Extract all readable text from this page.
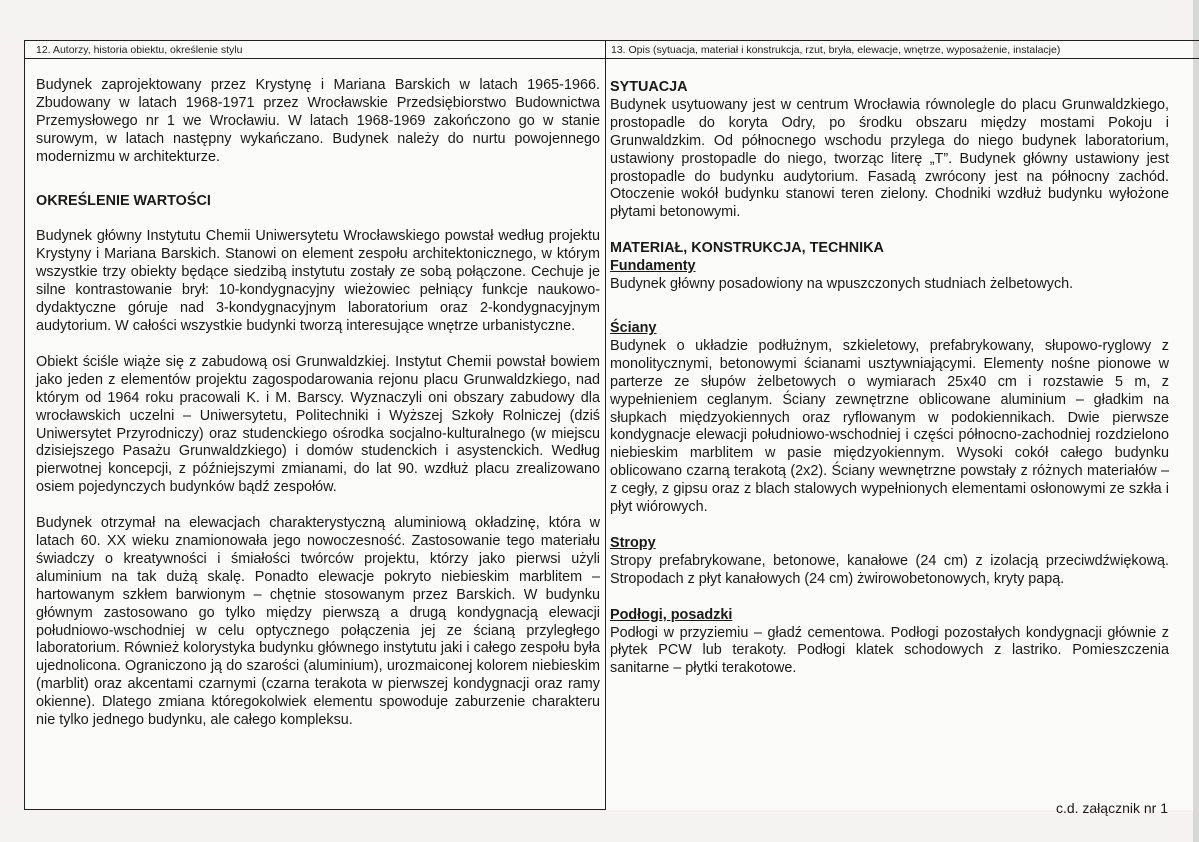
12. Autorzy, historia obiektu, określenie stylu	13. Opis (sytuacja, materiał i konstrukcja, rzut, bryła, elewacje, wnętrze, wyposażenie, instalacje)

Budynek zaprojektowany przez Krystynę i Mariana Barskich w latach 1965-1966. Zbudowany w latach 1968-1971 przez Wrocławskie Przedsiębiorstwo Budownictwa Przemysłowego nr 1 we Wrocławiu. W latach 1968-1969 zakończono go w stanie surowym, w latach następny wykańczano. Budynek należy do nurtu powojennego modernizmu w architekturze.

OKREŚLENIE WARTOŚCI

Budynek główny Instytutu Chemii Uniwersytetu Wrocławskiego powstał według projektu Krystyny i Mariana Barskich. Stanowi on element zespołu architektonicznego, w którym wszystkie trzy obiekty będące siedzibą instytutu zostały ze sobą połączone. Cechuje je silne kontrastowanie brył: 10-kondygnacyjny wieżowiec pełniący funkcje naukowo-dydaktyczne góruje nad 3-kondygnacyjnym laboratorium oraz 2-kondygnacyjnym audytorium. W całości wszystkie budynki tworzą interesujące wnętrze urbanistyczne.

Obiekt ściśle wiąże się z zabudową osi Grunwaldzkiej. Instytut Chemii powstał bowiem jako jeden z elementów projektu zagospodarowania rejonu placu Grunwaldzkiego, nad którym od 1964 roku pracowali K. i M. Barscy. Wyznaczyli oni obszary zabudowy dla wrocławskich uczelni – Uniwersytetu, Politechniki i Wyższej Szkoły Rolniczej (dziś Uniwersytet Przyrodniczy) oraz studenckiego ośrodka socjalno-kulturalnego (w miejscu dzisiejszego Pasażu Grunwaldzkiego) i domów studenckich i asystenckich. Według pierwotnej koncepcji, z późniejszymi zmianami, do lat 90. wzdłuż placu zrealizowano osiem pojedynczych budynków bądź zespołów.

Budynek otrzymał na elewacjach charakterystyczną aluminiową okładzinę, która w latach 60. XX wieku znamionowała jego nowoczesność. Zastosowanie tego materiału świadczy o kreatywności i śmiałości twórców projektu, którzy jako pierwsi użyli aluminium na tak dużą skalę. Ponadto elewacje pokryto niebieskim marblitem – hartowanym szkłem barwionym – chętnie stosowanym przez Barskich. W budynku głównym zastosowano go tylko między pierwszą a drugą kondygnacją elewacji południowo-wschodniej w celu optycznego połączenia jej ze ścianą przyległego laboratorium. Również kolorystyka budynku głównego instytutu jaki i całego zespołu była ujednolicona. Ograniczono ją do szarości (aluminium), urozmaiconej kolorem niebieskim (marblit) oraz akcentami czarnymi (czarna terakota w pierwszej kondygnacji oraz ramy okienne). Dlatego zmiana któregokolwiek elementu spowoduje zaburzenie charakteru nie tylko jednego budynku, ale całego kompleksu.

SYTUACJA

Budynek usytuowany jest w centrum Wrocławia równolegle do placu Grunwaldzkiego, prostopadle do koryta Odry, po środku obszaru między mostami Pokoju i Grunwaldzkim. Od północnego wschodu przylega do niego budynek laboratorium, ustawiony prostopadle do niego, tworząc literę „T”. Budynek główny ustawiony jest prostopadle do budynku audytorium. Fasadą zwrócony jest na północny zachód. Otoczenie wokół budynku stanowi teren zielony. Chodniki wzdłuż budynku wyłożone płytami betonowymi.

MATERIAŁ, KONSTRUKCJA, TECHNIKA
Fundamenty

Budynek główny posadowiony na wpuszczonych studniach żelbetowych.

Ściany

Budynek o układzie podłużnym, szkieletowy, prefabrykowany, słupowo-ryglowy z monolitycznymi, betonowymi ścianami usztywniającymi. Elementy nośne pionowe w parterze ze słupów żelbetowych o wymiarach 25x40 cm i rozstawie 5 m, z wypełnieniem ceglanym. Ściany zewnętrzne oblicowane aluminium – gładkim na słupkach międzyokiennych oraz ryflowanym w podokiennikach. Dwie pierwsze kondygnacje elewacji południowo-wschodniej i części północno-zachodniej rozdzielono niebieskim marblitem w pasie międzyokiennym. Wysoki cokół całego budynku oblicowano czarną terakotą (2x2). Ściany wewnętrzne powstały z różnych materiałów – z cegły, z gipsu oraz z blach stalowych wypełnionych elementami osłonowymi ze szkła i płyt wiórowych.

Stropy

Stropy prefabrykowane, betonowe, kanałowe (24 cm) z izolacją przeciwdźwiękową. Stropodach z płyt kanałowych (24 cm) żwirowobetonowych, kryty papą.

Podłogi, posadzki

Podłogi w przyziemiu – gładź cementowa. Podłogi pozostałych kondygnacji głównie z płytek PCW lub terakoty. Podłogi klatek schodowych z lastriko. Pomieszczenia sanitarne – płytki terakotowe.

c.d. załącznik nr 1
